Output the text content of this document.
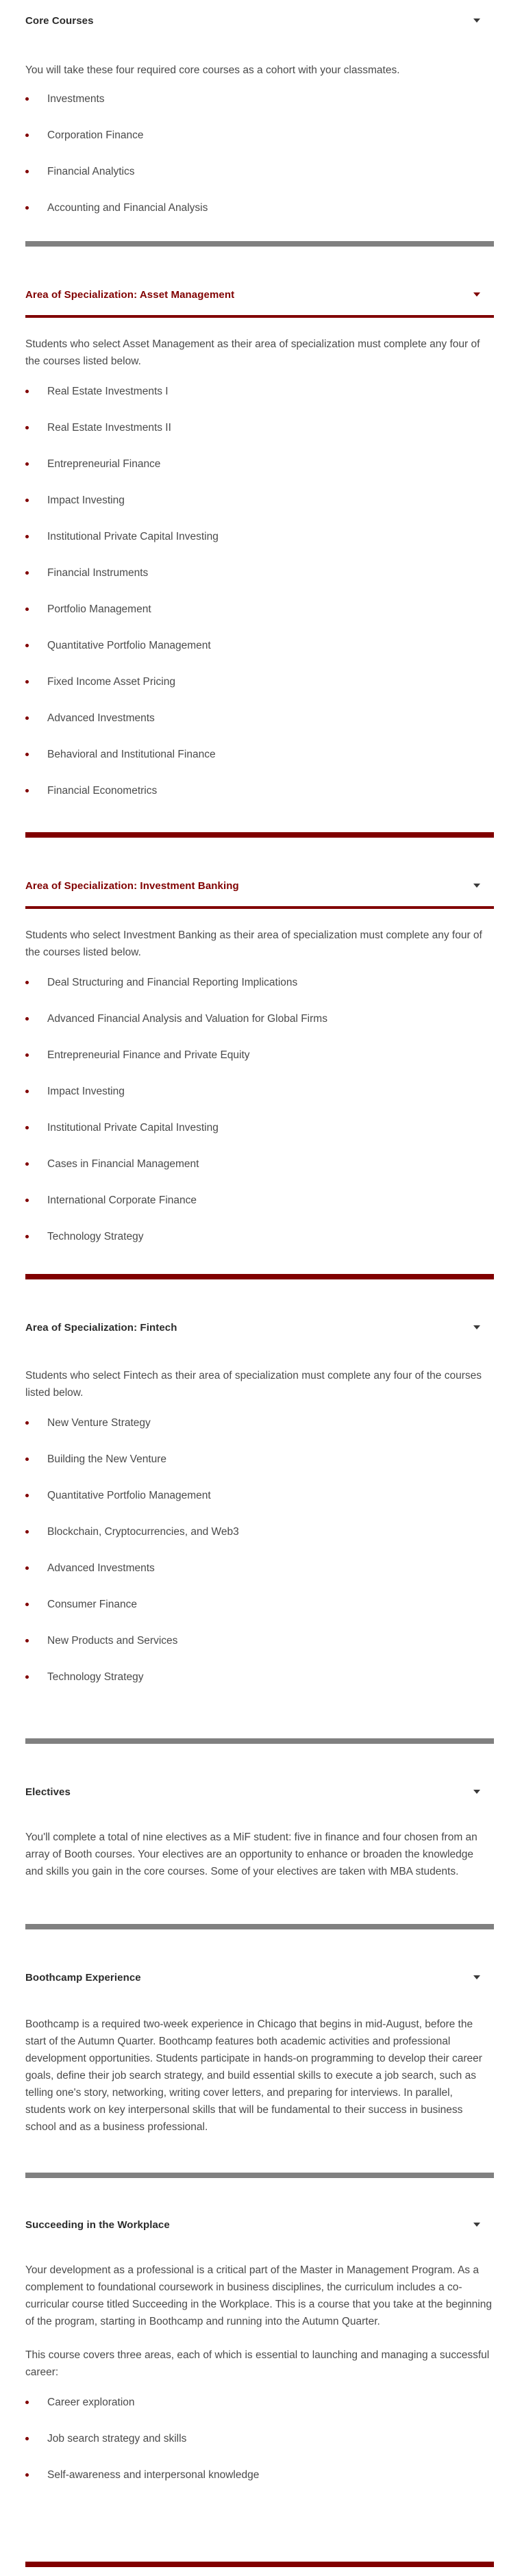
Core Courses

You will take these four required core courses as a cohort with your classmates.

Investments
Corporation Finance
Financial Analytics
Accounting and Financial Analysis
Area of Specialization: Asset Management

Students who select Asset Management as their area of specialization must complete any four of the courses listed below.

Real Estate Investments I
Real Estate Investments II
Entrepreneurial Finance
Impact Investing
Institutional Private Capital Investing
Financial Instruments
Portfolio Management
Quantitative Portfolio Management
Fixed Income Asset Pricing
Advanced Investments
Behavioral and Institutional Finance
Financial Econometrics
Area of Specialization: Investment Banking

Students who select Investment Banking as their area of specialization must complete any four of the courses listed below.

Deal Structuring and Financial Reporting Implications
Advanced Financial Analysis and Valuation for Global Firms
Entrepreneurial Finance and Private Equity
Impact Investing
Institutional Private Capital Investing
Cases in Financial Management
International Corporate Finance
Technology Strategy
Area of Specialization: Fintech

Students who select Fintech as their area of specialization must complete any four of the courses listed below.

New Venture Strategy
Building the New Venture
Quantitative Portfolio Management
Blockchain, Cryptocurrencies, and Web3
Advanced Investments
Consumer Finance
New Products and Services
Technology Strategy
Electives

You'll complete a total of nine electives as a MiF student: five in finance and four chosen from an array of Booth courses. Your electives are an opportunity to enhance or broaden the knowledge and skills you gain in the core courses. Some of your electives are taken with MBA students.

Boothcamp Experience

Boothcamp is a required two-week experience in Chicago that begins in mid-August, before the start of the Autumn Quarter. Boothcamp features both academic activities and professional development opportunities. Students participate in hands-on programming to develop their career goals, define their job search strategy, and build essential skills to execute a job search, such as telling one's story, networking, writing cover letters, and preparing for interviews. In parallel, students work on key interpersonal skills that will be fundamental to their success in business school and as a business professional.

Succeeding in the Workplace

Your development as a professional is a critical part of the Master in Management Program. As a complement to foundational coursework in business disciplines, the curriculum includes a co-curricular course titled Succeeding in the Workplace. This is a course that you take at the beginning of the program, starting in Boothcamp and running into the Autumn Quarter.

This course covers three areas, each of which is essential to launching and managing a successful career:

Career exploration
Job search strategy and skills
Self-awareness and interpersonal knowledge
